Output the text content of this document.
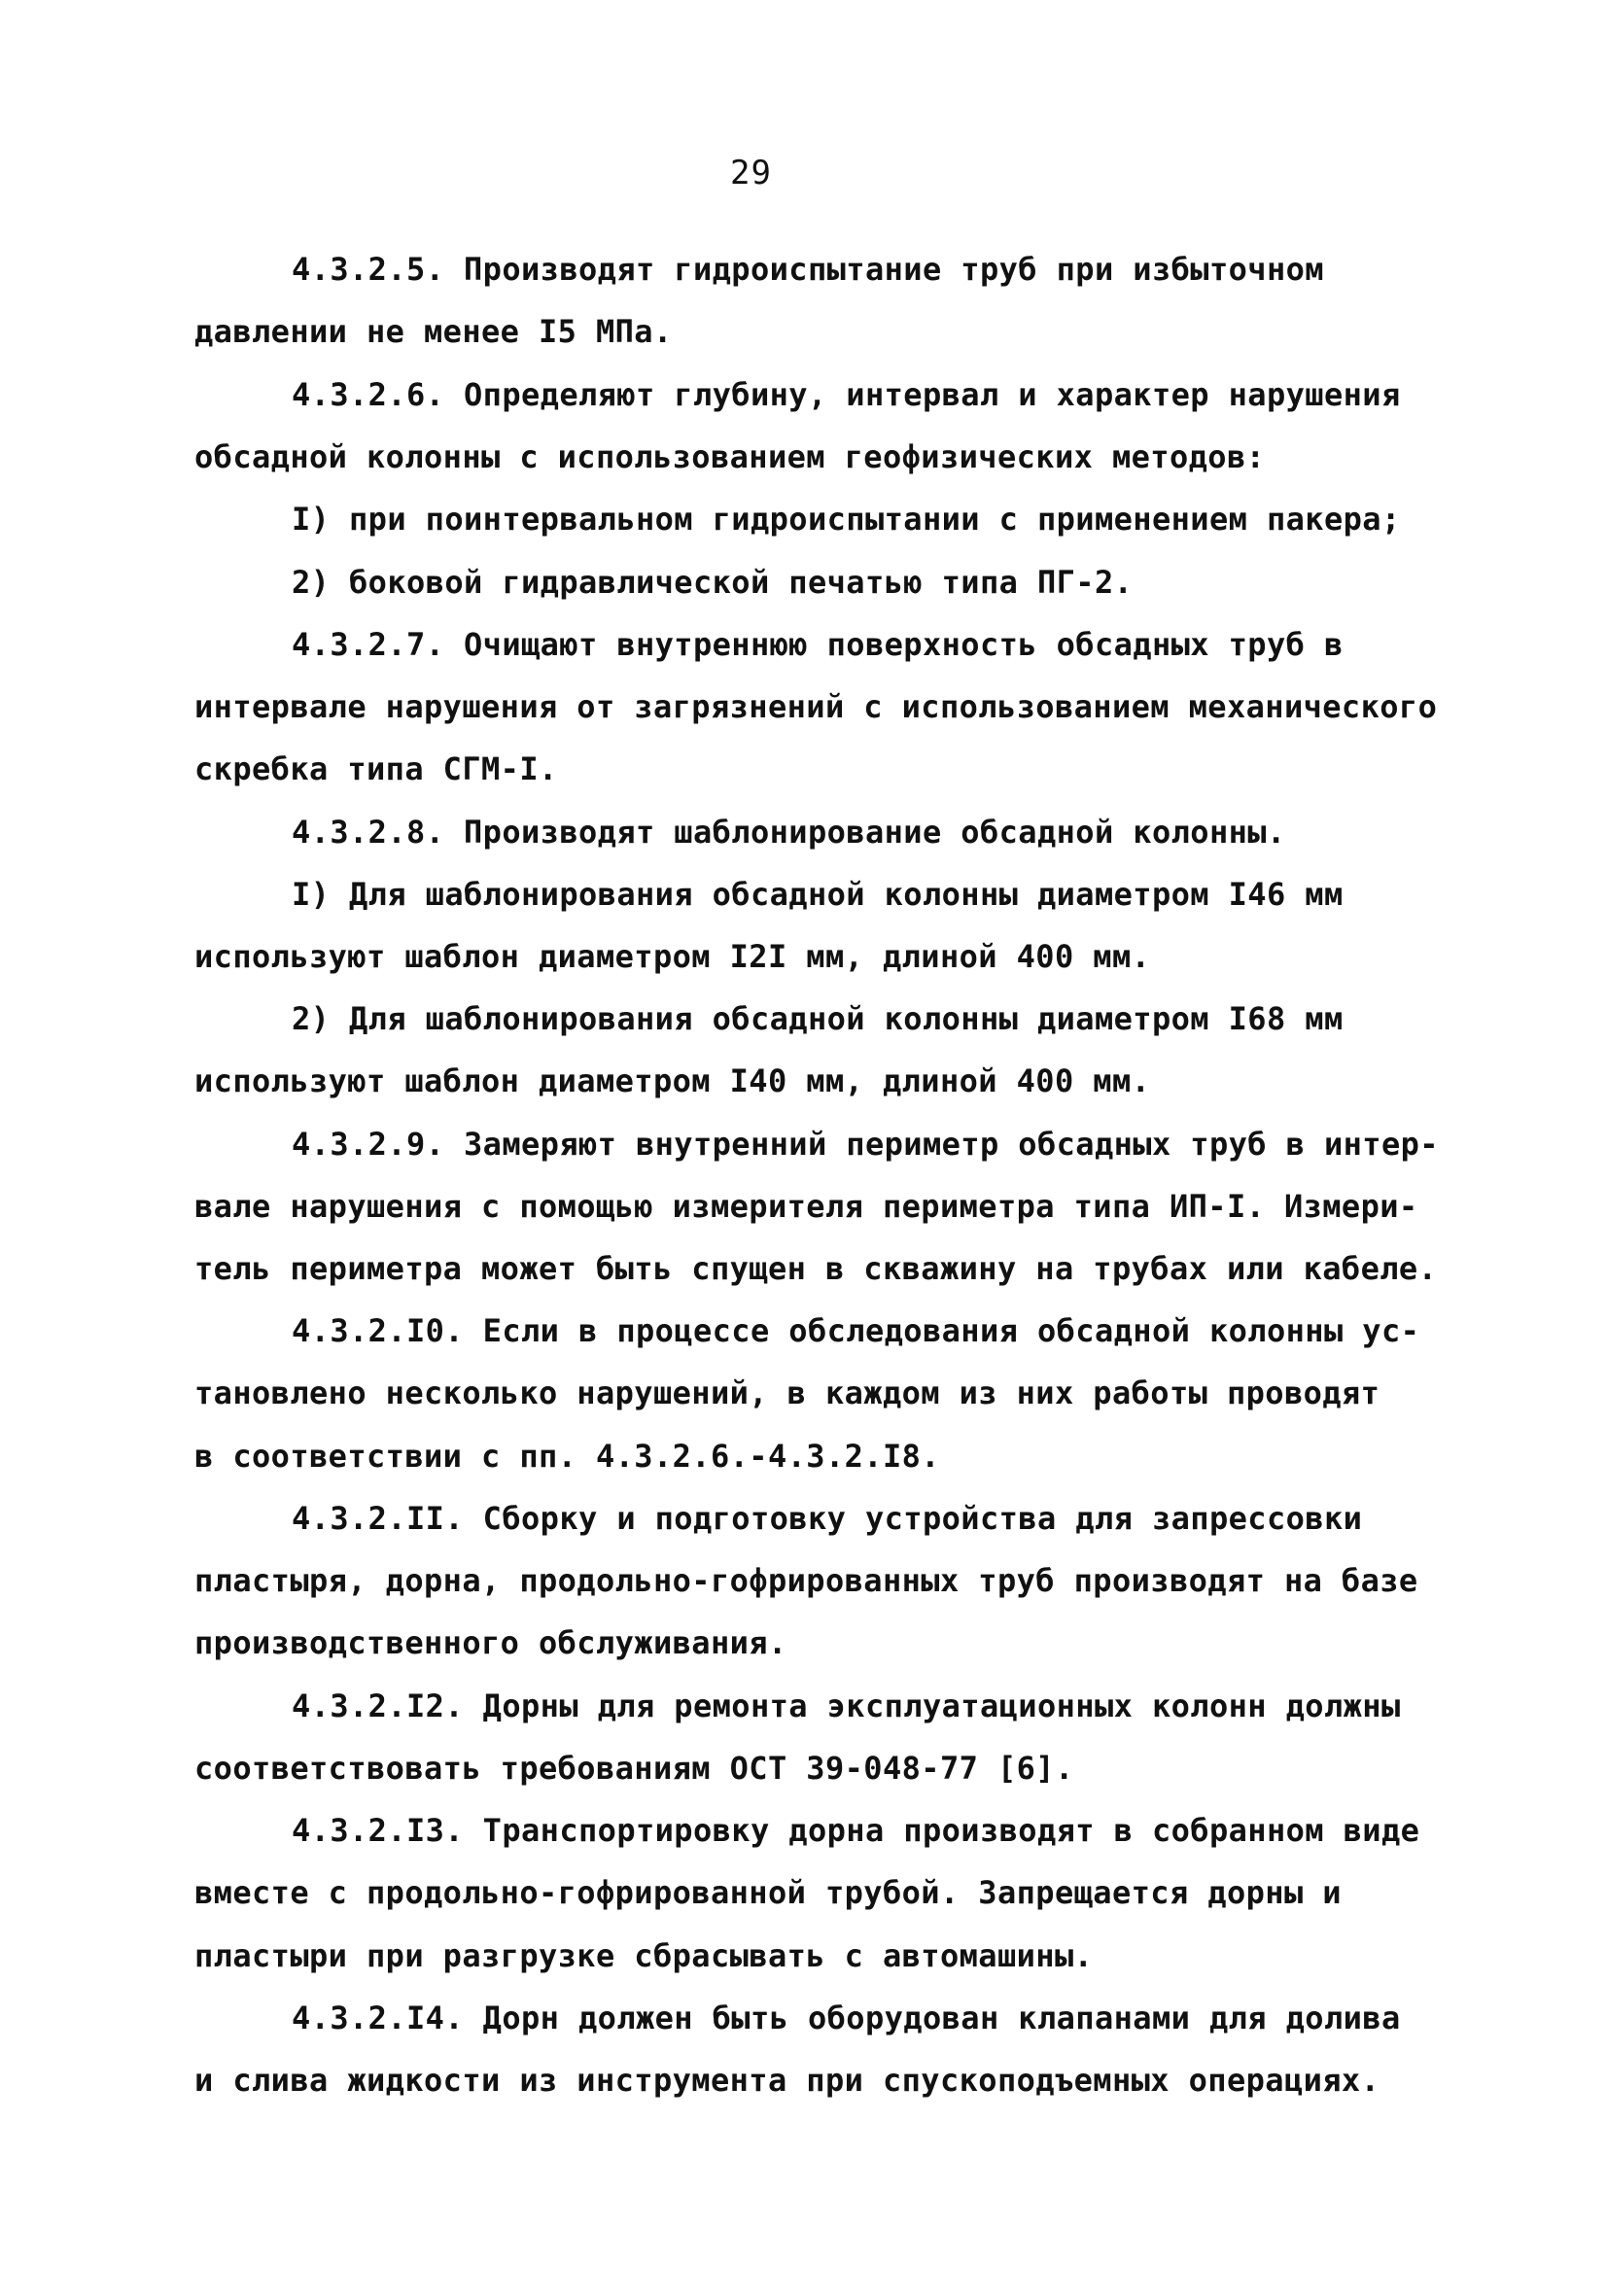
29
4.3.2.5. Производят гидроиспытание труб при избыточном
давлении не менее I5 МПа.
4.3.2.6. Определяют глубину, интервал и характер нарушения
обсадной колонны с использованием геофизических методов:
I) при поинтервальном гидроиспытании с применением пакера;
2) боковой гидравлической печатью типа ПГ-2.
4.3.2.7. Очищают внутреннюю поверхность обсадных труб в
интервале нарушения от загрязнений с использованием механического
скребка типа СГМ-I.
4.3.2.8. Производят шаблонирование обсадной колонны.
I) Для шаблонирования обсадной колонны диаметром I46 мм
используют шаблон диаметром I2I мм, длиной 400 мм.
2) Для шаблонирования обсадной колонны диаметром I68 мм
используют шаблон диаметром I40 мм, длиной 400 мм.
4.3.2.9. Замеряют внутренний периметр обсадных труб в интер-
вале нарушения с помощью измерителя периметра типа ИП-I. Измери-
тель периметра может быть спущен в скважину на трубах или кабеле.
4.3.2.I0. Если в процессе обследования обсадной колонны ус-
тановлено несколько нарушений, в каждом из них работы проводят
в соответствии с пп. 4.3.2.6.-4.3.2.I8.
4.3.2.II. Сборку и подготовку устройства для запрессовки
пластыря, дорна, продольно-гофрированных труб производят на базе
производственного обслуживания.
4.3.2.I2. Дорны для ремонта эксплуатационных колонн должны
соответствовать требованиям ОСТ 39-048-77 [6].
4.3.2.I3. Транспортировку дорна производят в собранном виде
вместе с продольно-гофрированной трубой. Запрещается дорны и
пластыри при разгрузке сбрасывать с автомашины.
4.3.2.I4. Дорн должен быть оборудован клапанами для долива
и слива жидкости из инструмента при спускоподъемных операциях.
